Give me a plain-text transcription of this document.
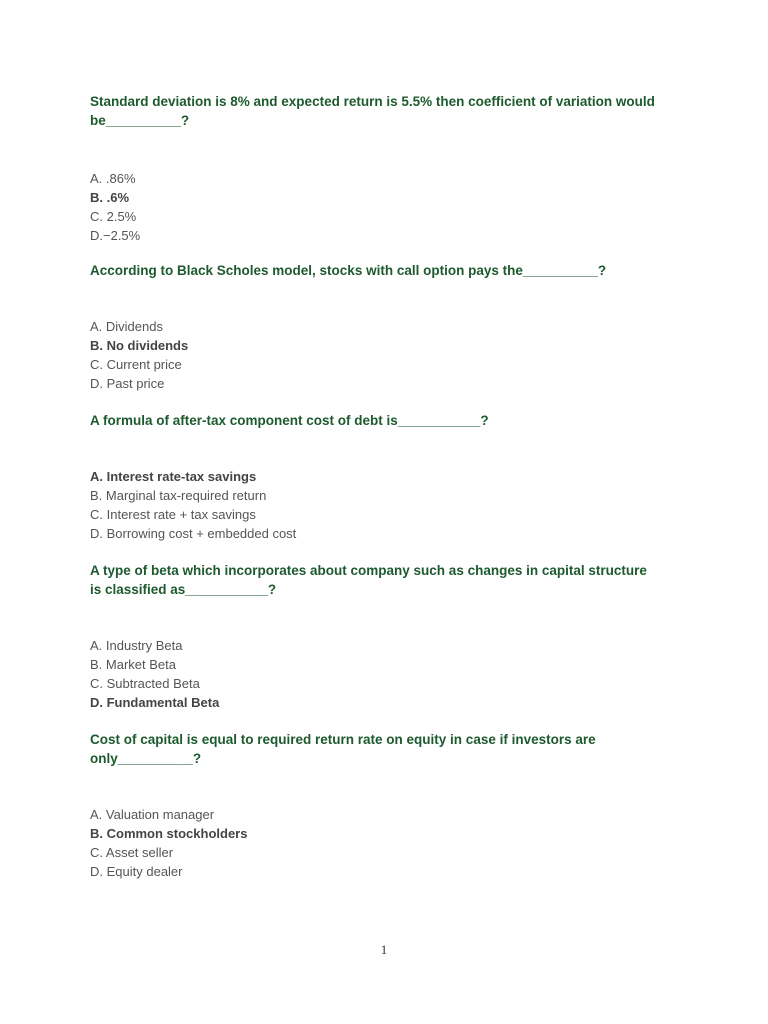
Standard deviation is 8% and expected return is 5.5% then coefficient of variation would be__________?

A. .86%
B. .6%
C. 2.5%
D.−2.5%

According to Black Scholes model, stocks with call option pays the__________?

A. Dividends
B. No dividends
C. Current price
D. Past price

A formula of after-tax component cost of debt is___________?

A. Interest rate-tax savings
B. Marginal tax-required return
C. Interest rate + tax savings
D. Borrowing cost + embedded cost

A type of beta which incorporates about company such as changes in capital structure is classified as___________?

A. Industry Beta
B. Market Beta
C. Subtracted Beta
D. Fundamental Beta

Cost of capital is equal to required return rate on equity in case if investors are only__________?

A. Valuation manager
B. Common stockholders
C. Asset seller
D. Equity dealer
1
